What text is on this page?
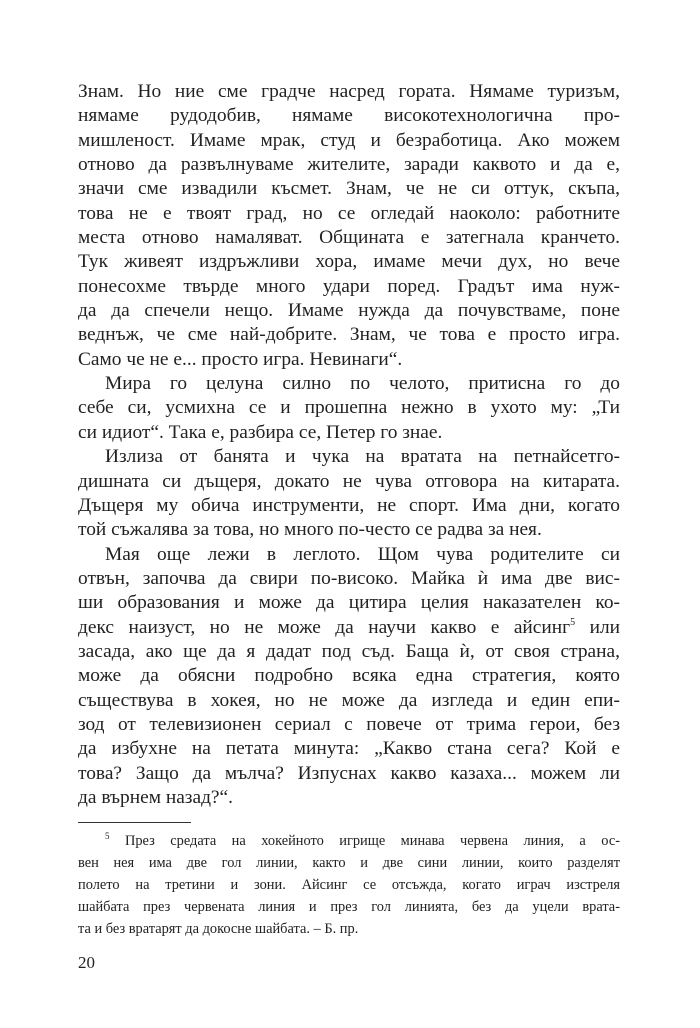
Знам. Но ние сме градче насред гората. Нямаме туризъм,
нямаме рудодобив, нямаме високотехнологична про-
мишленост. Имаме мрак, студ и безработица. Ако можем
отново да развълнуваме жителите, заради каквото и да е,
значи сме извадили късмет. Знам, че не си оттук, скъпа,
това не е твоят град, но се огледай наоколо: работните
места отново намаляват. Общината е затегнала кранчето.
Тук живеят издръжливи хора, имаме мечи дух, но вече
понесохме твърде много удари поред. Градът има нуж-
да да спечели нещо. Имаме нужда да почувстваме, поне
веднъж, че сме най-добрите. Знам, че това е просто игра.
Само че не е... просто игра. Невинаги“.
Мира го целуна силно по челото, притисна го до
себе си, усмихна се и прошепна нежно в ухото му: „Ти
си идиот“. Така е, разбира се, Петер го знае.
Излиза от банята и чука на вратата на петнайсетго-
дишната си дъщеря, докато не чува отговора на китарата.
Дъщеря му обича инструменти, не спорт. Има дни, когато
той съжалява за това, но много по-често се радва за нея.
Мая още лежи в леглото. Щом чува родителите си
отвън, започва да свири по-високо. Майка ѝ има две вис-
ши образования и може да цитира целия наказателен ко-
декс наизуст, но не може да научи какво е айсинг$^5$ или
засада, ако ще да я дадат под съд. Баща ѝ, от своя страна,
може да обясни подробно всяка една стратегия, която
съществува в хокея, но не може да изгледа и един епи-
зод от телевизионен сериал с повече от трима герои, без
да избухне на петата минута: „Какво стана сега? Кой е
това? Защо да мълча? Изпуснах какво казаха... можем ли
да върнем назад?“.
$^5$ През средата на хокейното игрище минава червена линия, а ос-
вен нея има две гол линии, както и две сини линии, които разделят
полето на третини и зони. Айсинг се отсъжда, когато играч изстреля
шайбата през червената линия и през гол линията, без да уцели врата-
та и без вратарят да докосне шайбата. – Б. пр.
20
